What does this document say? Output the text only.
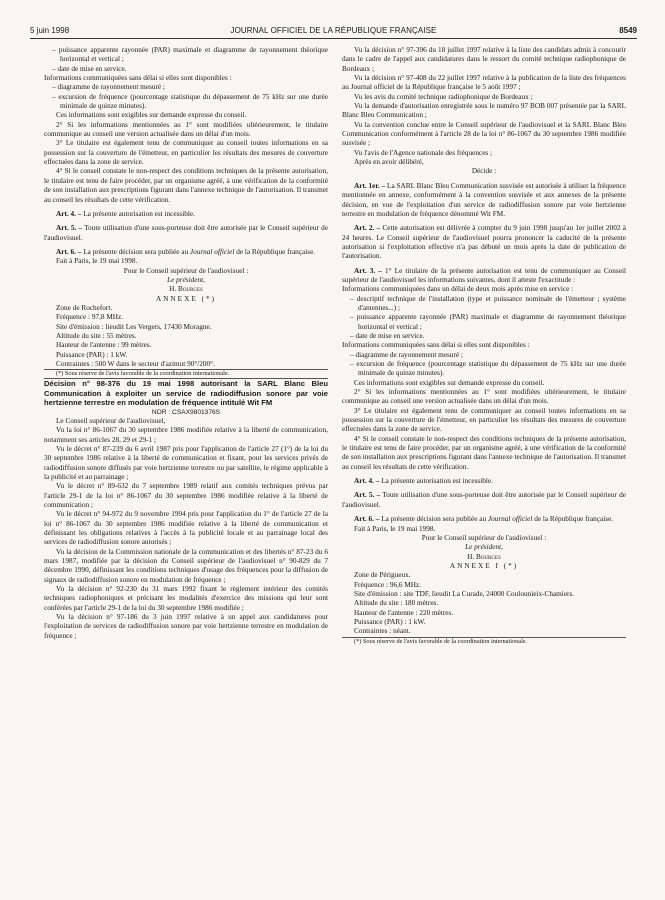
5 juin 1998	JOURNAL OFFICIEL DE LA RÉPUBLIQUE FRANÇAISE	8549
– puissance apparente rayonnée (PAR) maximale et diagramme de rayonnement théorique horizontal et vertical ;
– date de mise en service.

Informations communiquées sans délai si elles sont disponibles :

– diagramme de rayonnement mesuré ;
– excursion de fréquence (pourcentage statistique du dépassement de 75 kHz sur une durée minimale de quinze minutes).

Ces informations sont exigibles sur demande expresse du conseil.

2° Si les informations mentionnées au 1° sont modifiées ultérieurement, le titulaire communique au conseil une version actualisée dans un délai d'un mois.

3° Le titulaire est également tenu de communiquer au conseil toutes informations en sa possession sur la couverture de l'émetteur, en particulier les résultats des mesures de couverture effectuées dans la zone de service.

4° Si le conseil constate le non-respect des conditions techniques de la présente autorisation, le titulaire est tenu de faire procéder, par un organisme agréé, à une vérification de la conformité de son installation aux prescriptions figurant dans l'annexe technique de l'autorisation. Il transmet au conseil les résultats de cette vérification.

Art. 4. – La présente autorisation est incessible.

Art. 5. – Toute utilisation d'une sous-porteuse doit être autorisée par le Conseil supérieur de l'audiovisuel.

Art. 6. – La présente décision sera publiée au Journal officiel de la République française.

Fait à Paris, le 19 mai 1998.

Pour le Conseil supérieur de l'audiovisuel :
Le président,
H. Bourges
ANNEXE (*)
Zone de Rochefort.
Fréquence : 97,8 MHz.
Site d'émission : lieudit Les Vergers, 17430 Moragne.
Altitude du site : 55 mètres.
Hauteur de l'antenne : 99 mètres.
Puissance (PAR) : 1 kW.
Contraintes : 500 W dans le secteur d'azimut 90°/200°.
(*) Sous réserve de l'avis favorable de la coordination internationale.
Décision n° 98-376 du 19 mai 1998 autorisant la SARL Blanc Bleu Communication à exploiter un service de radiodiffusion sonore par voie hertzienne terrestre en modulation de fréquence intitulé Wit FM
NOR : CSAX9801376S

Le Conseil supérieur de l'audiovisuel,

Vu la loi n° 86-1067 du 30 septembre 1986 modifiée relative à la liberté de communication, notamment ses articles 28, 29 et 29-1 ;

Vu le décret n° 87-239 du 6 avril 1987 pris pour l'application de l'article 27 (1°) de la loi du 30 septembre 1986 relative à la liberté de communication et fixant, pour les services privés de radiodiffusion sonore diffusés par voie hertzienne terrestre ou par satellite, le régime applicable à la publicité et au parrainage ;

Vu le décret n° 89-632 du 7 septembre 1989 relatif aux comités techniques prévus par l'article 29-1 de la loi n° 86-1067 du 30 septembre 1986 modifiée relative à la liberté de communication ;

Vu le décret n° 94-972 du 9 novembre 1994 pris pour l'application du 1° de l'article 27 de la loi n° 86-1067 du 30 septembre 1986 modifiée relative à la liberté de communication et définissant les obligations relatives à l'accès à la publicité locale et au parrainage local des services de radiodiffusion sonore autorisés ;

Vu la décision de la Commission nationale de la communication et des libertés n° 87-23 du 6 mars 1987, modifiée par la décision du Conseil supérieur de l'audiovisuel n° 90-829 du 7 décembre 1990, définissant les conditions techniques d'usage des fréquences pour la diffusion de signaux de radiodiffusion sonore en modulation de fréquence ;

Vu la décision n° 92-230 du 31 mars 1992 fixant le règlement intérieur des comités techniques radiophoniques et précisant les modalités d'exercice des missions qui leur sont conférées par l'article 29-1 de la loi du 30 septembre 1986 modifiée ;

Vu la décision n° 97-186 du 3 juin 1997 relative à un appel aux candidatures pour l'exploitation de services de radiodiffusion sonore par voie hertzienne terrestre en modulation de fréquence ;

Vu la décision n° 97-396 du 18 juillet 1997 relative à la liste des candidats admis à concourir dans le cadre de l'appel aux candidatures dans le ressort du comité technique radiophonique de Bordeaux ;

Vu la décision n° 97-408 du 22 juillet 1997 relative à la publication de la liste des fréquences au Journal officiel de la République française le 5 août 1997 ;

Vu les avis du comité technique radiophonique de Bordeaux ;

Vu la demande d'autorisation enregistrée sous le numéro 97 BOB 007 présentée par la SARL Blanc Bleu Communication ;

Vu la convention conclue entre le Conseil supérieur de l'audiovisuel et la SARL Blanc Bleu Communication conformément à l'article 28 de la loi n° 86-1067 du 30 septembre 1986 modifiée susvisée ;

Vu l'avis de l'Agence nationale des fréquences ;

Après en avoir délibéré,

Décide :

Art. 1er. – La SARL Blanc Bleu Communication susvisée est autorisée à utiliser la fréquence mentionnée en annexe, conformément à la convention susvisée et aux annexes de la présente décision, en vue de l'exploitation d'un service de radiodiffusion sonore par voie hertzienne terrestre en modulation de fréquence dénommé Wit FM.

Art. 2. – Cette autorisation est délivrée à compter du 9 juin 1998 jusqu'au 1er juillet 2002 à 24 heures. Le Conseil supérieur de l'audiovisuel pourra prononcer la caducité de la présente autorisation si l'exploitation effective n'a pas débuté un mois après la date de publication de l'autorisation.

Art. 3. – 1° Le titulaire de la présente autorisation est tenu de communiquer au Conseil supérieur de l'audiovisuel les informations suivantes, dont il atteste l'exactitude :

Informations communiquées dans un délai de deux mois après mise en service :

– descriptif technique de l'installation (type et puissance nominale de l'émetteur ; système d'antennes...) ;
– puissance apparente rayonnée (PAR) maximale et diagramme de rayonnement théorique horizontal et vertical ;
– date de mise en service.

Informations communiquées sans délai si elles sont disponibles :

– diagramme de rayonnement mesuré ;
– excursion de fréquence (pourcentage statistique du dépassement de 75 kHz sur une durée minimale de quinze minutes).

Ces informations sont exigibles sur demande expresse du conseil.

2° Si les informations mentionnées au 1° sont modifiées ultérieurement, le titulaire communique au conseil une version actualisée dans un délai d'un mois.

3° Le titulaire est également tenu de communiquer au conseil toutes informations en sa possession sur la couverture de l'émetteur, en particulier les résultats des mesures de couverture effectuées dans la zone de service.

4° Si le conseil constate le non-respect des conditions techniques de la présente autorisation, le titulaire est tenu de faire procéder, par un organisme agréé, à une vérification de la conformité de son installation aux prescriptions figurant dans l'annexe technique de l'autorisation. Il transmet au conseil les résultats de cette vérification.

Art. 4. – La présente autorisation est incessible.

Art. 5. – Toute utilisation d'une sous-porteuse doit être autorisée par le Conseil supérieur de l'audiovisuel.

Art. 6. – La présente décision sera publiée au Journal officiel de la République française.

Fait à Paris, le 19 mai 1998.

Pour le Conseil supérieur de l'audiovisuel :
Le président,
H. Bourges
ANNEXE I (*)
Zone de Périgueux.
Fréquence : 96,6 MHz.
Site d'émission : site TDF, lieudit La Curade, 24000 Coulounieix-Chamiers.
Altitude du site : 180 mètres.
Hauteur de l'antenne : 220 mètres.
Puissance (PAR) : 1 kW.
Contraintes : néant.
(*) Sous réserve de l'avis favorable de la coordination internationale.
